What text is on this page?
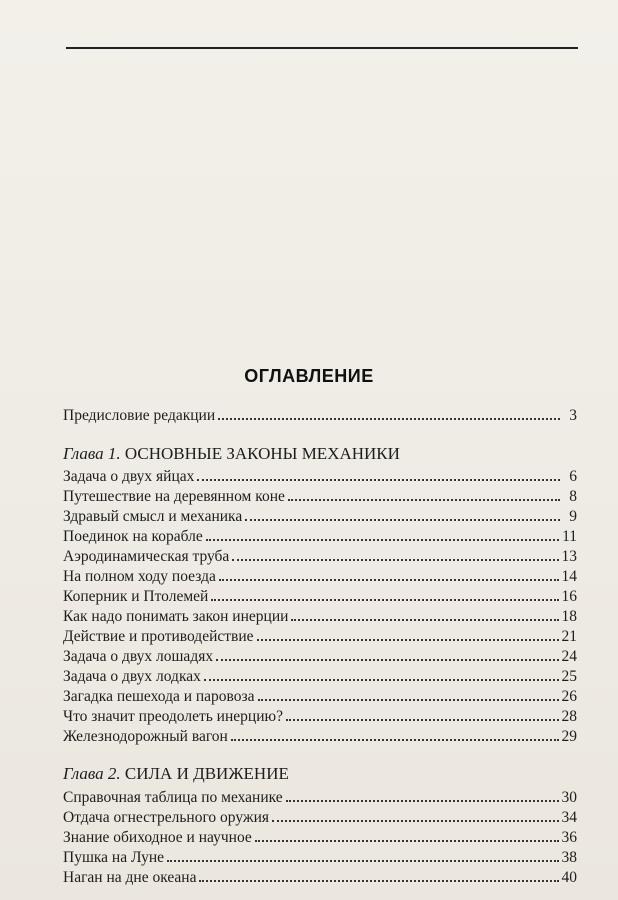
ОГЛАВЛЕНИЕ
Предисловие редакции	3
Глава 1. ОСНОВНЫЕ ЗАКОНЫ МЕХАНИКИ
Задача о двух яйцах	6
Путешествие на деревянном коне	8
Здравый смысл и механика	9
Поединок на корабле	11
Аэродинамическая труба	13
На полном ходу поезда	14
Коперник и Птолемей	16
Как надо понимать закон инерции	18
Действие и противодействие	21
Задача о двух лошадях	24
Задача о двух лодках	25
Загадка пешехода и паровоза	26
Что значит преодолеть инерцию?	28
Железнодорожный вагон	29
Глава 2. СИЛА И ДВИЖЕНИЕ
Справочная таблица по механике	30
Отдача огнестрельного оружия	34
Знание обиходное и научное	36
Пушка на Луне	38
Наган на дне океана	40
